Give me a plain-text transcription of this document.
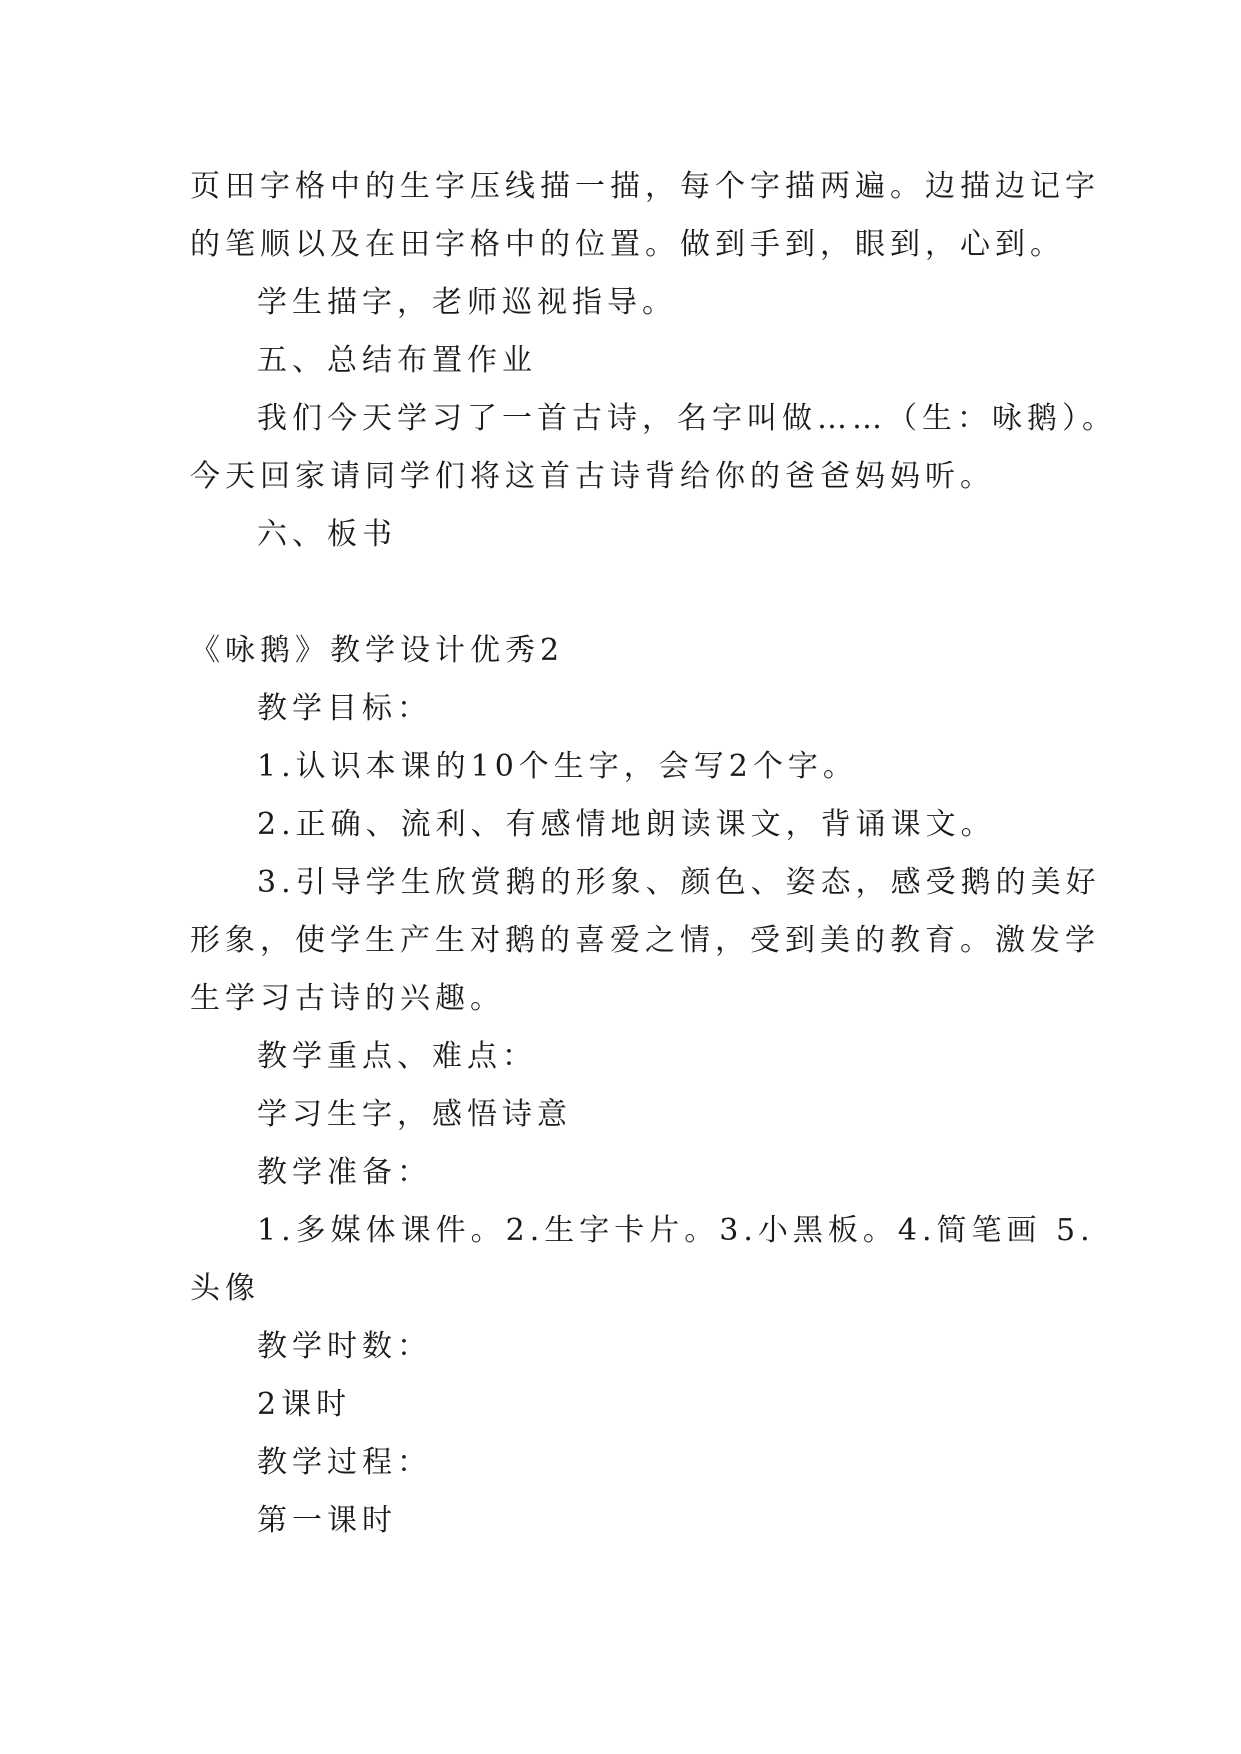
页田字格中的生字压线描一描，每个字描两遍。边描边记字
的笔顺以及在田字格中的位置。做到手到，眼到，心到。
学生描字，老师巡视指导。
五、总结布置作业
我们今天学习了一首古诗，名字叫做……（生：咏鹅）。
今天回家请同学们将这首古诗背给你的爸爸妈妈听。
六、板书
《咏鹅》教学设计优秀2
教学目标：
1.认识本课的10个生字，会写2个字。
2.正确、流利、有感情地朗读课文，背诵课文。
3.引导学生欣赏鹅的形象、颜色、姿态，感受鹅的美好
形象，使学生产生对鹅的喜爱之情，受到美的教育。激发学
生学习古诗的兴趣。
教学重点、难点：
学习生字，感悟诗意
教学准备：
1.多媒体课件。2.生字卡片。3.小黑板。4.简笔画 5.
头像
教学时数：
2课时
教学过程：
第一课时
